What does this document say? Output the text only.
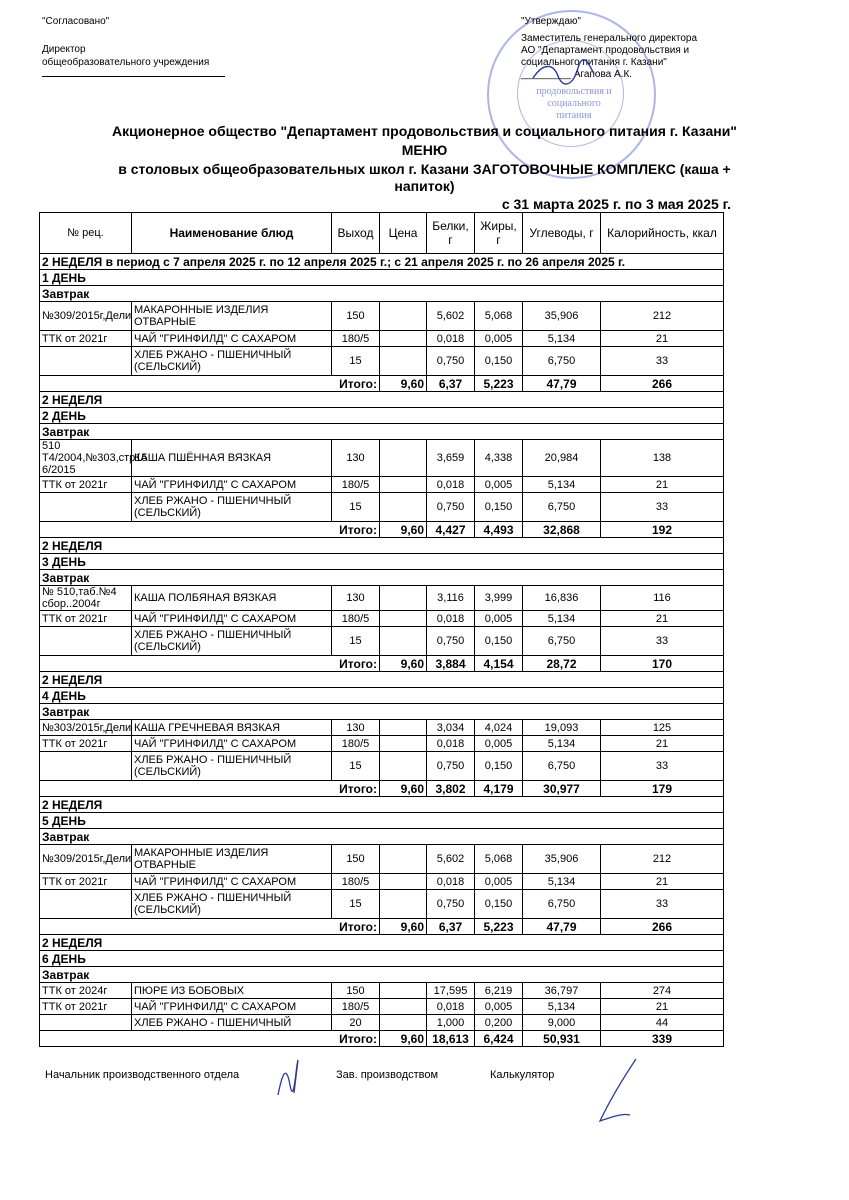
"Согласовано"
Директор
общеобразовательного учреждения
продовольствия и социального питания
"Утверждаю"
Заместитель генерального директора
АО "Департамент продовольствия и
социального питания г. Казани"
_________ Агапова А.К.
Акционерное общество "Департамент продовольствия и социального питания г. Казани"
МЕНЮ
в столовых общеобразовательных школ г. Казани ЗАГОТОВОЧНЫЕ КОМПЛЕКС (каша +
напиток)
с 31 марта 2025 г. по 3 мая 2025 г.
№ рец.	Наименование блюд	Выход	Цена	Белки, г	Жиры, г	Углеводы, г	Калорийность, ккал
2 НЕДЕЛЯ в период с 7 апреля 2025 г. по 12 апреля 2025 г.; с 21 апреля 2025 г. по 26 апреля 2025 г.							
1 ДЕНЬ							
Завтрак							
№309/2015г,Дели	МАКАРОННЫЕ ИЗДЕЛИЯ ОТВАРНЫЕ	150		5,602	5,068	35,906	212
ТТК от 2021г	ЧАЙ "ГРИНФИЛД" С САХАРОМ	180/5		0,018	0,005	5,134	21
	ХЛЕБ РЖАНО - ПШЕНИЧНЫЙ (СЕЛЬСКИЙ)	15		0,750	0,150	6,750	33
Итого:			9,60	6,37	5,223	47,79	266
2 НЕДЕЛЯ							
2 ДЕНЬ							
Завтрак							
510 Т4/2004,№303,стр15 6/2015	КАША ПШЁННАЯ ВЯЗКАЯ	130		3,659	4,338	20,984	138
ТТК от 2021г	ЧАЙ "ГРИНФИЛД" С САХАРОМ	180/5		0,018	0,005	5,134	21
	ХЛЕБ РЖАНО - ПШЕНИЧНЫЙ (СЕЛЬСКИЙ)	15		0,750	0,150	6,750	33
Итого:			9,60	4,427	4,493	32,868	192
2 НЕДЕЛЯ							
3 ДЕНЬ							
Завтрак							
№ 510,таб.№4 сбор..2004г	КАША ПОЛБЯНАЯ ВЯЗКАЯ	130		3,116	3,999	16,836	116
ТТК от 2021г	ЧАЙ "ГРИНФИЛД" С САХАРОМ	180/5		0,018	0,005	5,134	21
	ХЛЕБ РЖАНО - ПШЕНИЧНЫЙ (СЕЛЬСКИЙ)	15		0,750	0,150	6,750	33
Итого:			9,60	3,884	4,154	28,72	170
2 НЕДЕЛЯ							
4 ДЕНЬ							
Завтрак							
№303/2015г,Дели	КАША ГРЕЧНЕВАЯ ВЯЗКАЯ	130		3,034	4,024	19,093	125
ТТК от 2021г	ЧАЙ "ГРИНФИЛД" С САХАРОМ	180/5		0,018	0,005	5,134	21
	ХЛЕБ РЖАНО - ПШЕНИЧНЫЙ (СЕЛЬСКИЙ)	15		0,750	0,150	6,750	33
Итого:			9,60	3,802	4,179	30,977	179
2 НЕДЕЛЯ							
5 ДЕНЬ							
Завтрак							
№309/2015г,Дели	МАКАРОННЫЕ ИЗДЕЛИЯ ОТВАРНЫЕ	150		5,602	5,068	35,906	212
ТТК от 2021г	ЧАЙ "ГРИНФИЛД" С САХАРОМ	180/5		0,018	0,005	5,134	21
	ХЛЕБ РЖАНО - ПШЕНИЧНЫЙ (СЕЛЬСКИЙ)	15		0,750	0,150	6,750	33
Итого:			9,60	6,37	5,223	47,79	266
2 НЕДЕЛЯ							
6 ДЕНЬ							
Завтрак							
ТТК от 2024г	ПЮРЕ ИЗ БОБОВЫХ	150		17,595	6,219	36,797	274
ТТК от 2021г	ЧАЙ "ГРИНФИЛД" С САХАРОМ	180/5		0,018	0,005	5,134	21
	ХЛЕБ РЖАНО - ПШЕНИЧНЫЙ	20		1,000	0,200	9,000	44
Итого:			9,60	18,613	6,424	50,931	339
Начальник производственного отдела	Зав. производством	Калькулятор
